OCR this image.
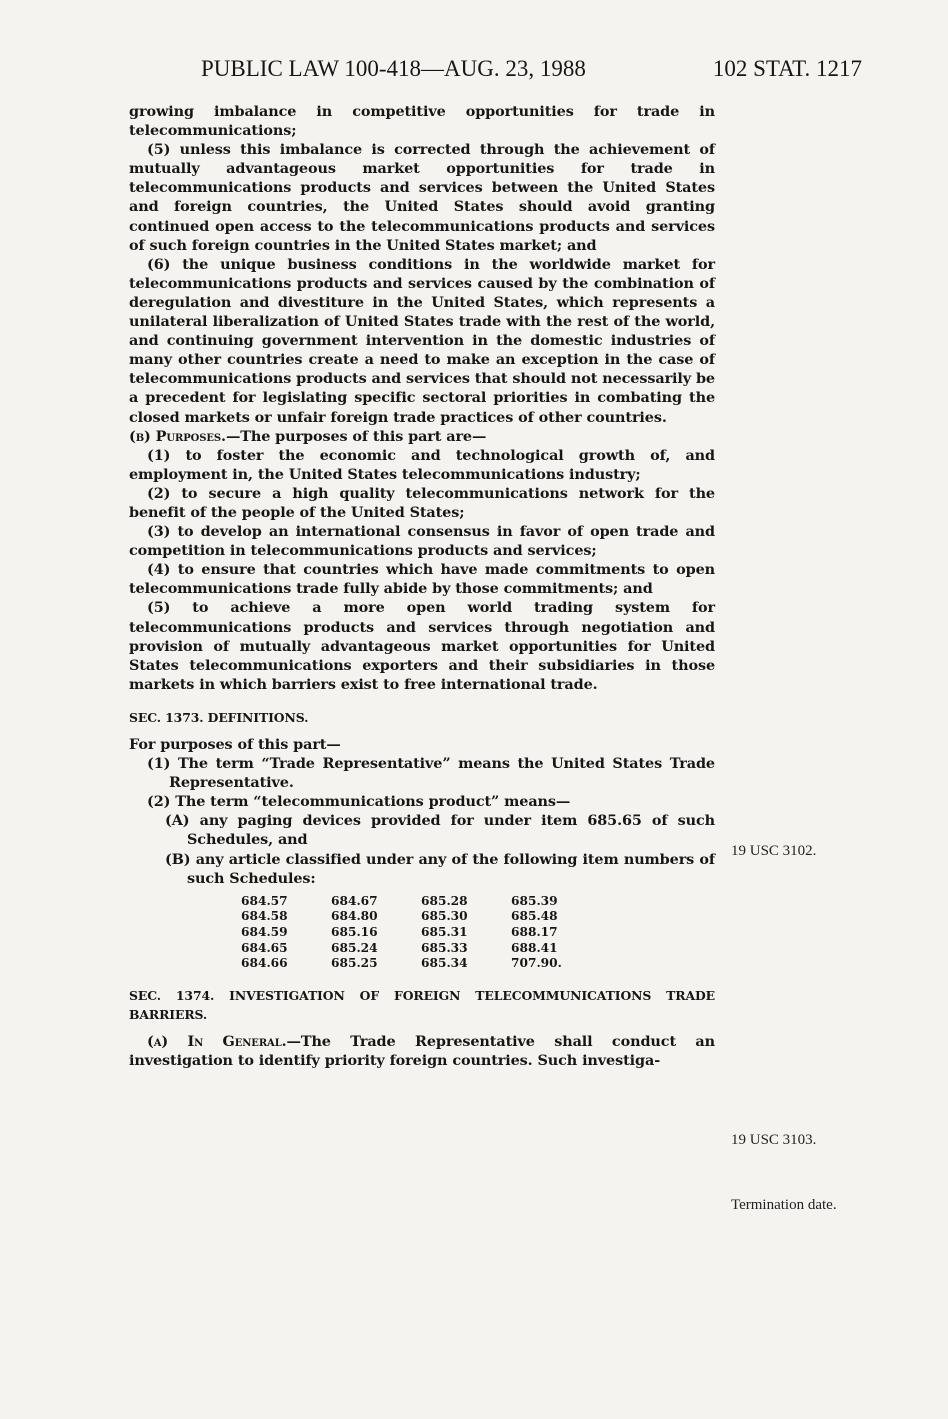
PUBLIC LAW 100-418—AUG. 23, 1988	102 STAT. 1217

growing imbalance in competitive opportunities for trade in telecommunications;

(5) unless this imbalance is corrected through the achievement of mutually advantageous market opportunities for trade in telecommunications products and services between the United States and foreign countries, the United States should avoid granting continued open access to the telecommunications products and services of such foreign countries in the United States market; and

(6) the unique business conditions in the worldwide market for telecommunications products and services caused by the combination of deregulation and divestiture in the United States, which represents a unilateral liberalization of United States trade with the rest of the world, and continuing government intervention in the domestic industries of many other countries create a need to make an exception in the case of telecommunications products and services that should not necessarily be a precedent for legislating specific sectoral priorities in combating the closed markets or unfair foreign trade practices of other countries.

(b) Purposes.—The purposes of this part are—

(1) to foster the economic and technological growth of, and employment in, the United States telecommunications industry;

(2) to secure a high quality telecommunications network for the benefit of the people of the United States;

(3) to develop an international consensus in favor of open trade and competition in telecommunications products and services;

(4) to ensure that countries which have made commitments to open telecommunications trade fully abide by those commitments; and

(5) to achieve a more open world trading system for telecommunications products and services through negotiation and provision of mutually advantageous market opportunities for United States telecommunications exporters and their subsidiaries in those markets in which barriers exist to free international trade.

SEC. 1373. DEFINITIONS.

For purposes of this part—

(1) The term “Trade Representative” means the United States Trade Representative.

(2) The term “telecommunications product” means—

(A) any paging devices provided for under item 685.65 of such Schedules, and

(B) any article classified under any of the following item numbers of such Schedules:

684.57	684.67	685.28	685.39
684.58	684.80	685.30	685.48
684.59	685.16	685.31	688.17
684.65	685.24	685.33	688.41
684.66	685.25	685.34	707.90.

SEC. 1374. INVESTIGATION OF FOREIGN TELECOMMUNICATIONS TRADE BARRIERS.

(a) In General.—The Trade Representative shall conduct an investigation to identify priority foreign countries. Such investiga-

19 USC 3102.
19 USC 3103.
Termination date.
